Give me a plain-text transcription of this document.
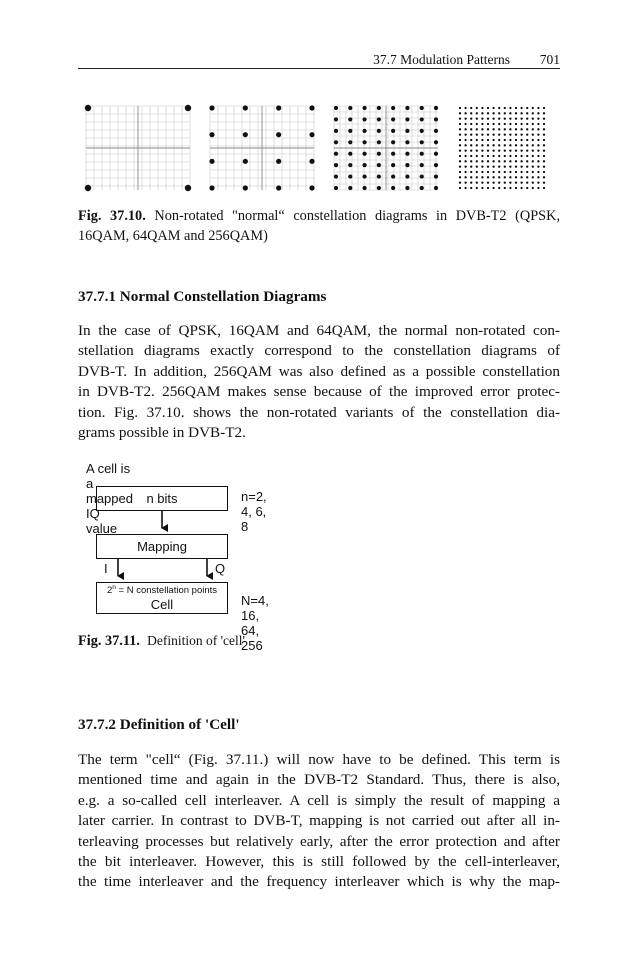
37.7 Modulation Patterns 701
Fig. 37.10. Non-rotated "normal“ constellation diagrams in DVB-T2 (QPSK,
16QAM, 64QAM and 256QAM)
37.7.1 Normal Constellation Diagrams
In the case of QPSK, 16QAM and 64QAM, the normal non-rotated con-
stellation diagrams exactly correspond to the constellation diagrams of
DVB-T. In addition, 256QAM was also defined as a possible constellation
in DVB-T2. 256QAM makes sense because of the improved error protec-
tion. Fig. 37.10. shows the non-rotated variants of the constellation dia-
grams possible in DVB-T2.
A cell is a mapped IQ value
n bits	n=2, 4, 6, 8
Mapping
I	Q
$2^n = N$ constellation points
Cell	N=4, 16, 64, 256
Fig. 37.11. Definition of 'cell'
37.7.2 Definition of 'Cell'
The term "cell“ (Fig. 37.11.) will now have to be defined. This term is
mentioned time and again in the DVB-T2 Standard. Thus, there is also,
e.g. a so-called cell interleaver. A cell is simply the result of mapping a
later carrier. In contrast to DVB-T, mapping is not carried out after all in-
terleaving processes but relatively early, after the error protection and after
the bit interleaver. However, this is still followed by the cell-interleaver,
the time interleaver and the frequency interleaver which is why the map-
